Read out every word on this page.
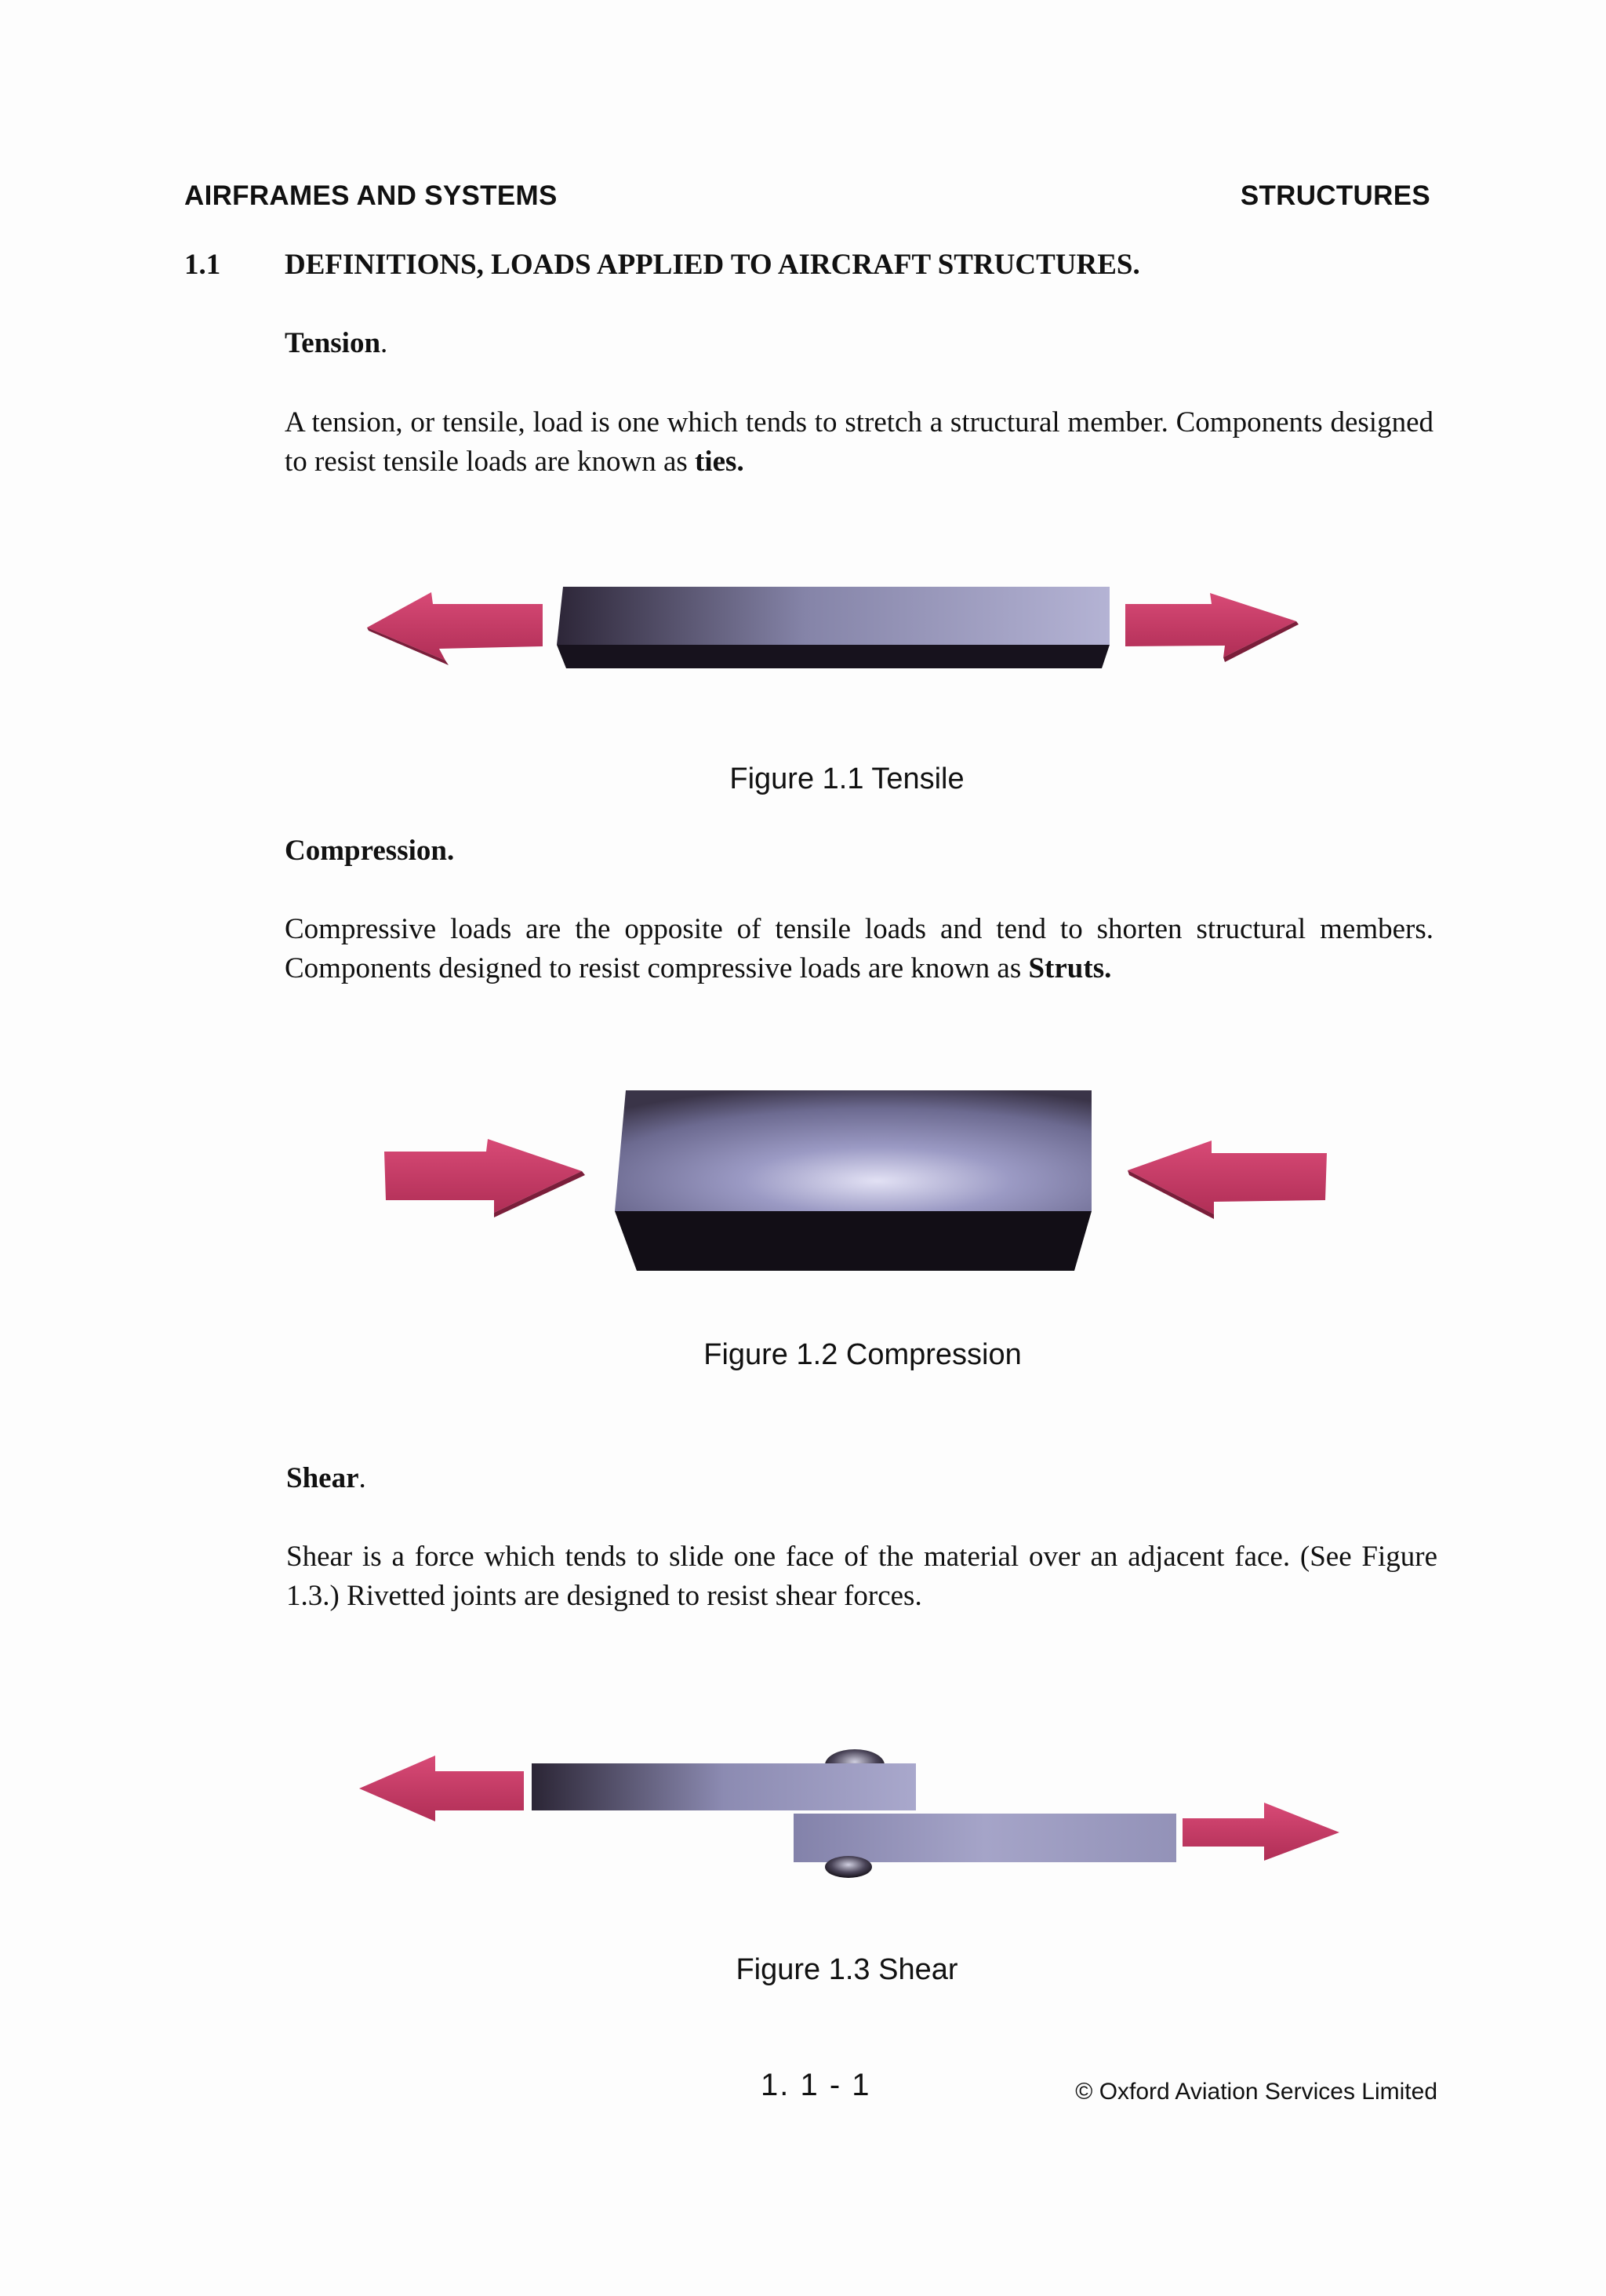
AIRFRAMES AND SYSTEMS	STRUCTURES
1.1 DEFINITIONS, LOADS APPLIED TO AIRCRAFT STRUCTURES.
Tension.
A tension, or tensile, load is one which tends to stretch a structural member. Components designed to resist tensile loads are known as ties.
Figure 1.1 Tensile
Compression.
Compressive loads are the opposite of tensile loads and tend to shorten structural members. Components designed to resist compressive loads are known as Struts.
Figure 1.2 Compression
Shear.
Shear is a force which tends to slide one face of the material over an adjacent face. (See Figure 1.3.) Rivetted joints are designed to resist shear forces.
Figure 1.3 Shear
1. 1 - 1	© Oxford Aviation Services Limited
